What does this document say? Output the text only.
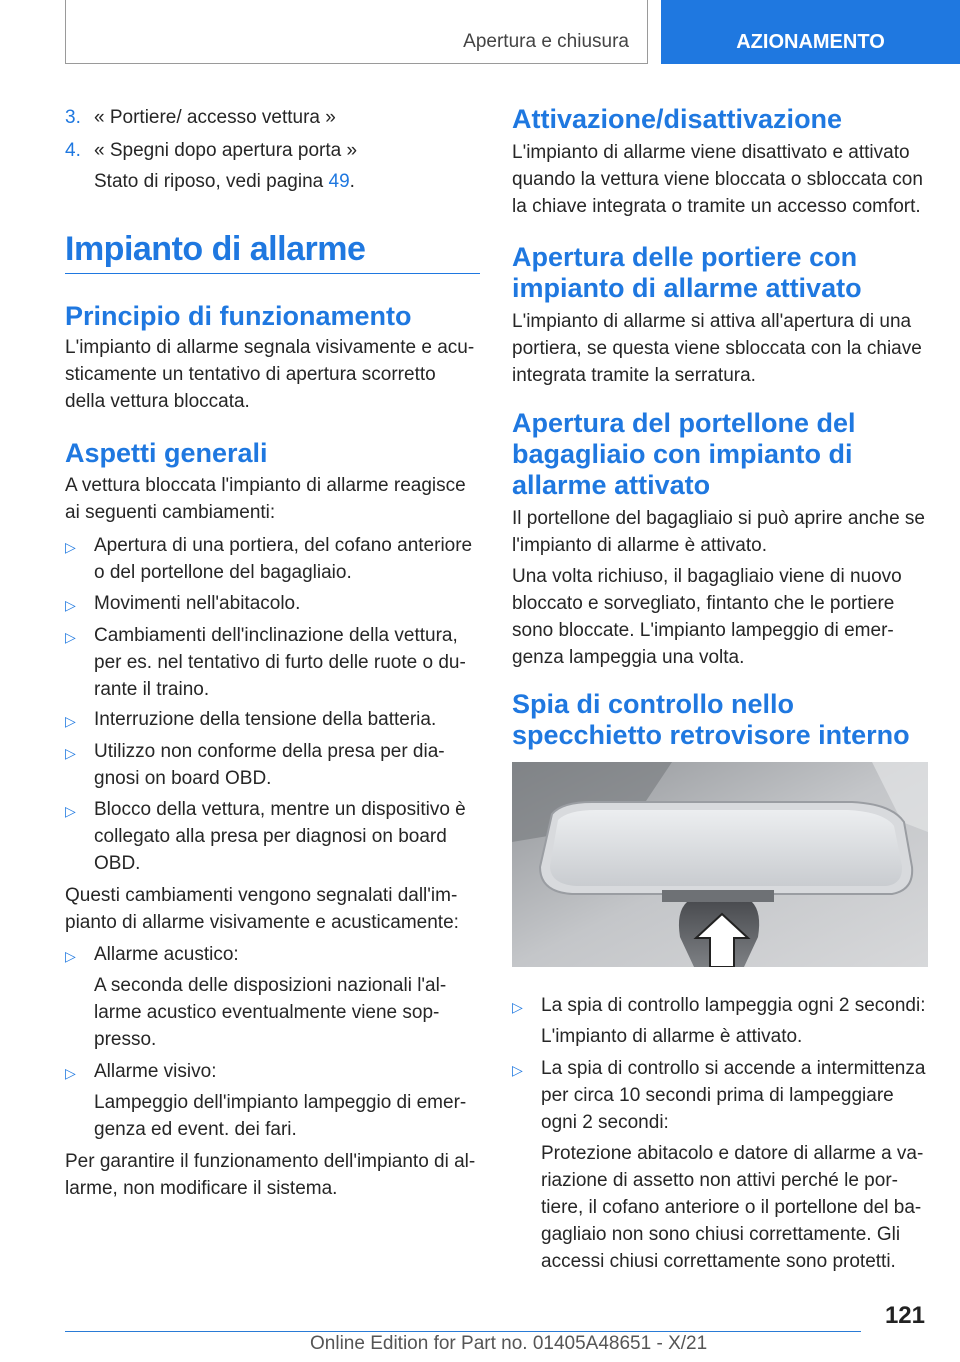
Apertura e chiusura	AZIONAMENTO
3. « Portiere/ accesso vettura »
4. « Spegni dopo apertura porta »
Stato di riposo, vedi pagina 49.
Impianto di allarme
Principio di funzionamento
L'impianto di allarme segnala visivamente e acu-
sticamente un tentativo di apertura scorretto
della vettura bloccata.
Aspetti generali
A vettura bloccata l'impianto di allarme reagisce
ai seguenti cambiamenti:
▷ Apertura di una portiera, del cofano anteriore
o del portellone del bagagliaio.
▷ Movimenti nell'abitacolo.
▷ Cambiamenti dell'inclinazione della vettura,
per es. nel tentativo di furto delle ruote o du-
rante il traino.
▷ Interruzione della tensione della batteria.
▷ Utilizzo non conforme della presa per dia-
gnosi on board OBD.
▷ Blocco della vettura, mentre un dispositivo è
collegato alla presa per diagnosi on board
OBD.
Questi cambiamenti vengono segnalati dall'im-
pianto di allarme visivamente e acusticamente:
▷ Allarme acustico:
A seconda delle disposizioni nazionali l'al-
larme acustico eventualmente viene sop-
presso.
▷ Allarme visivo:
Lampeggio dell'impianto lampeggio di emer-
genza ed event. dei fari.
Per garantire il funzionamento dell'impianto di al-
larme, non modificare il sistema.
Attivazione/disattivazione
L'impianto di allarme viene disattivato e attivato
quando la vettura viene bloccata o sbloccata con
la chiave integrata o tramite un accesso comfort.
Apertura delle portiere con
impianto di allarme attivato
L'impianto di allarme si attiva all'apertura di una
portiera, se questa viene sbloccata con la chiave
integrata tramite la serratura.
Apertura del portellone del
bagagliaio con impianto di
allarme attivato
Il portellone del bagagliaio si può aprire anche se
l'impianto di allarme è attivato.
Una volta richiuso, il bagagliaio viene di nuovo
bloccato e sorvegliato, fintanto che le portiere
sono bloccate. L'impianto lampeggio di emer-
genza lampeggia una volta.
Spia di controllo nello
specchietto retrovisore interno
▷ La spia di controllo lampeggia ogni 2 secondi:
L'impianto di allarme è attivato.
▷ La spia di controllo si accende a intermittenza
per circa 10 secondi prima di lampeggiare
ogni 2 secondi:
Protezione abitacolo e datore di allarme a va-
riazione di assetto non attivi perché le por-
tiere, il cofano anteriore o il portellone del ba-
gagliaio non sono chiusi correttamente. Gli
accessi chiusi correttamente sono protetti.
121
Online Edition for Part no. 01405A48651 - X/21
